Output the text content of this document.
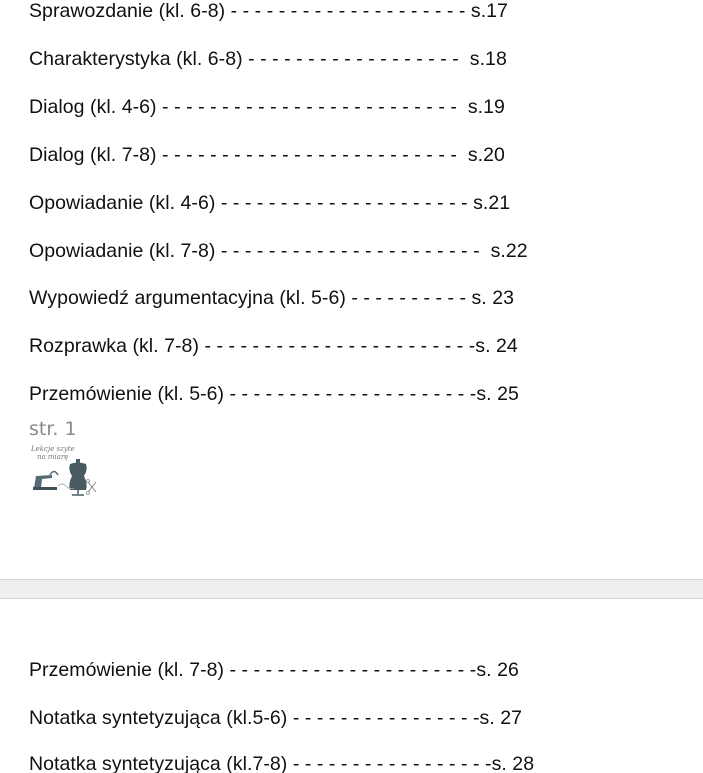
Sprawozdanie (kl. 6-8) - - - - - - - - - - - - - - - - - - - - s.17
Charakterystyka (kl. 6-8) - - - - - - - - - - - - - - - - - -  s.18
Dialog (kl. 4-6) - - - - - - - - - - - - - - - - - - - - - - - - -  s.19
Dialog (kl. 7-8) - - - - - - - - - - - - - - - - - - - - - - - - -  s.20
Opowiadanie (kl. 4-6) - - - - - - - - - - - - - - - - - - - - - s.21
Opowiadanie (kl. 7-8) - - - - - - - - - - - - - - - - - - - - - -  s.22
Wypowiedź argumentacyjna (kl. 5-6) - - - - - - - - - - s. 23
Rozprawka (kl. 7-8) - - - - - - - - - - - - - - - - - - - - - - -s. 24
Przemówienie (kl. 5-6) - - - - - - - - - - - - - - - - - - - - -s. 25
str. 1
Lekcje szyte
na miarę
Przemówienie (kl. 7-8) - - - - - - - - - - - - - - - - - - - - -s. 26
Notatka syntetyzująca (kl.5-6) - - - - - - - - - - - - - - - -s. 27
Notatka syntetyzująca (kl.7-8) - - - - - - - - - - - - - - - - -s. 28
